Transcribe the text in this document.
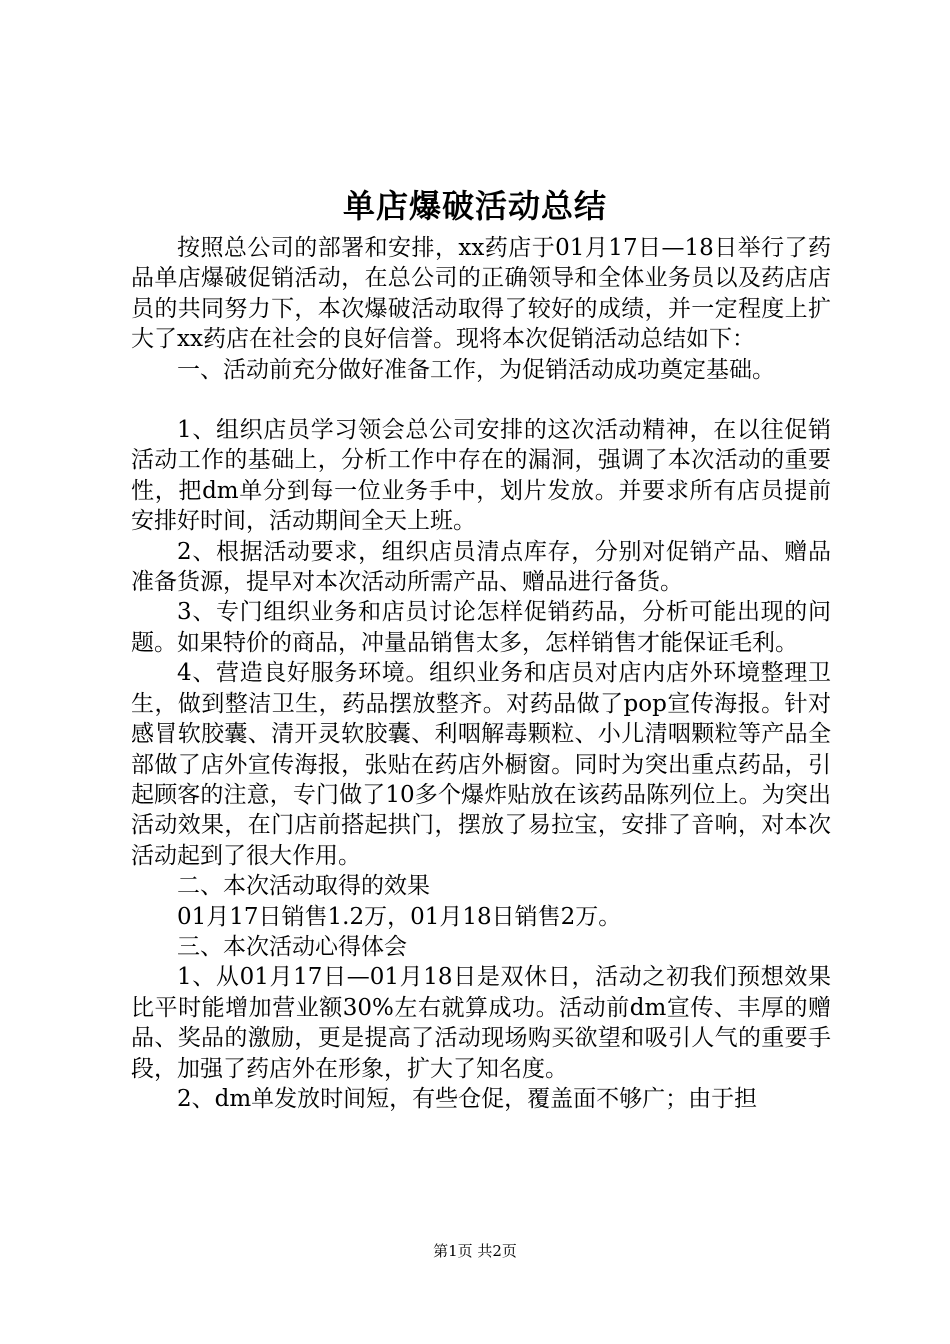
单店爆破活动总结

按照总公司的部署和安排，xx药店于01月17日—18日举行了药品单店爆破促销活动，在总公司的正确领导和全体业务员以及药店店员的共同努力下，本次爆破活动取得了较好的成绩，并一定程度上扩大了xx药店在社会的良好信誉。现将本次促销活动总结如下：

一、活动前充分做好准备工作，为促销活动成功奠定基础。

1、组织店员学习领会总公司安排的这次活动精神，在以往促销活动工作的基础上，分析工作中存在的漏洞，强调了本次活动的重要性，把dm单分到每一位业务手中，划片发放。并要求所有店员提前安排好时间，活动期间全天上班。

2、根据活动要求，组织店员清点库存，分别对促销产品、赠品准备货源，提早对本次活动所需产品、赠品进行备货。

3、专门组织业务和店员讨论怎样促销药品，分析可能出现的问题。如果特价的商品，冲量品销售太多，怎样销售才能保证毛利。

4、营造良好服务环境。组织业务和店员对店内店外环境整理卫生，做到整洁卫生，药品摆放整齐。对药品做了pop宣传海报。针对感冒软胶囊、清开灵软胶囊、利咽解毒颗粒、小儿清咽颗粒等产品全部做了店外宣传海报，张贴在药店外橱窗。同时为突出重点药品，引起顾客的注意，专门做了10多个爆炸贴放在该药品陈列位上。为突出活动效果，在门店前搭起拱门，摆放了易拉宝，安排了音响，对本次活动起到了很大作用。

二、本次活动取得的效果

01月17日销售1.2万，01月18日销售2万。

三、本次活动心得体会

1、从01月17日—01月18日是双休日，活动之初我们预想效果比平时能增加营业额30%左右就算成功。活动前dm宣传、丰厚的赠品、奖品的激励，更是提高了活动现场购买欲望和吸引人气的重要手段，加强了药店外在形象，扩大了知名度。

2、dm单发放时间短，有些仓促，覆盖面不够广；由于担

第1页 共2页
